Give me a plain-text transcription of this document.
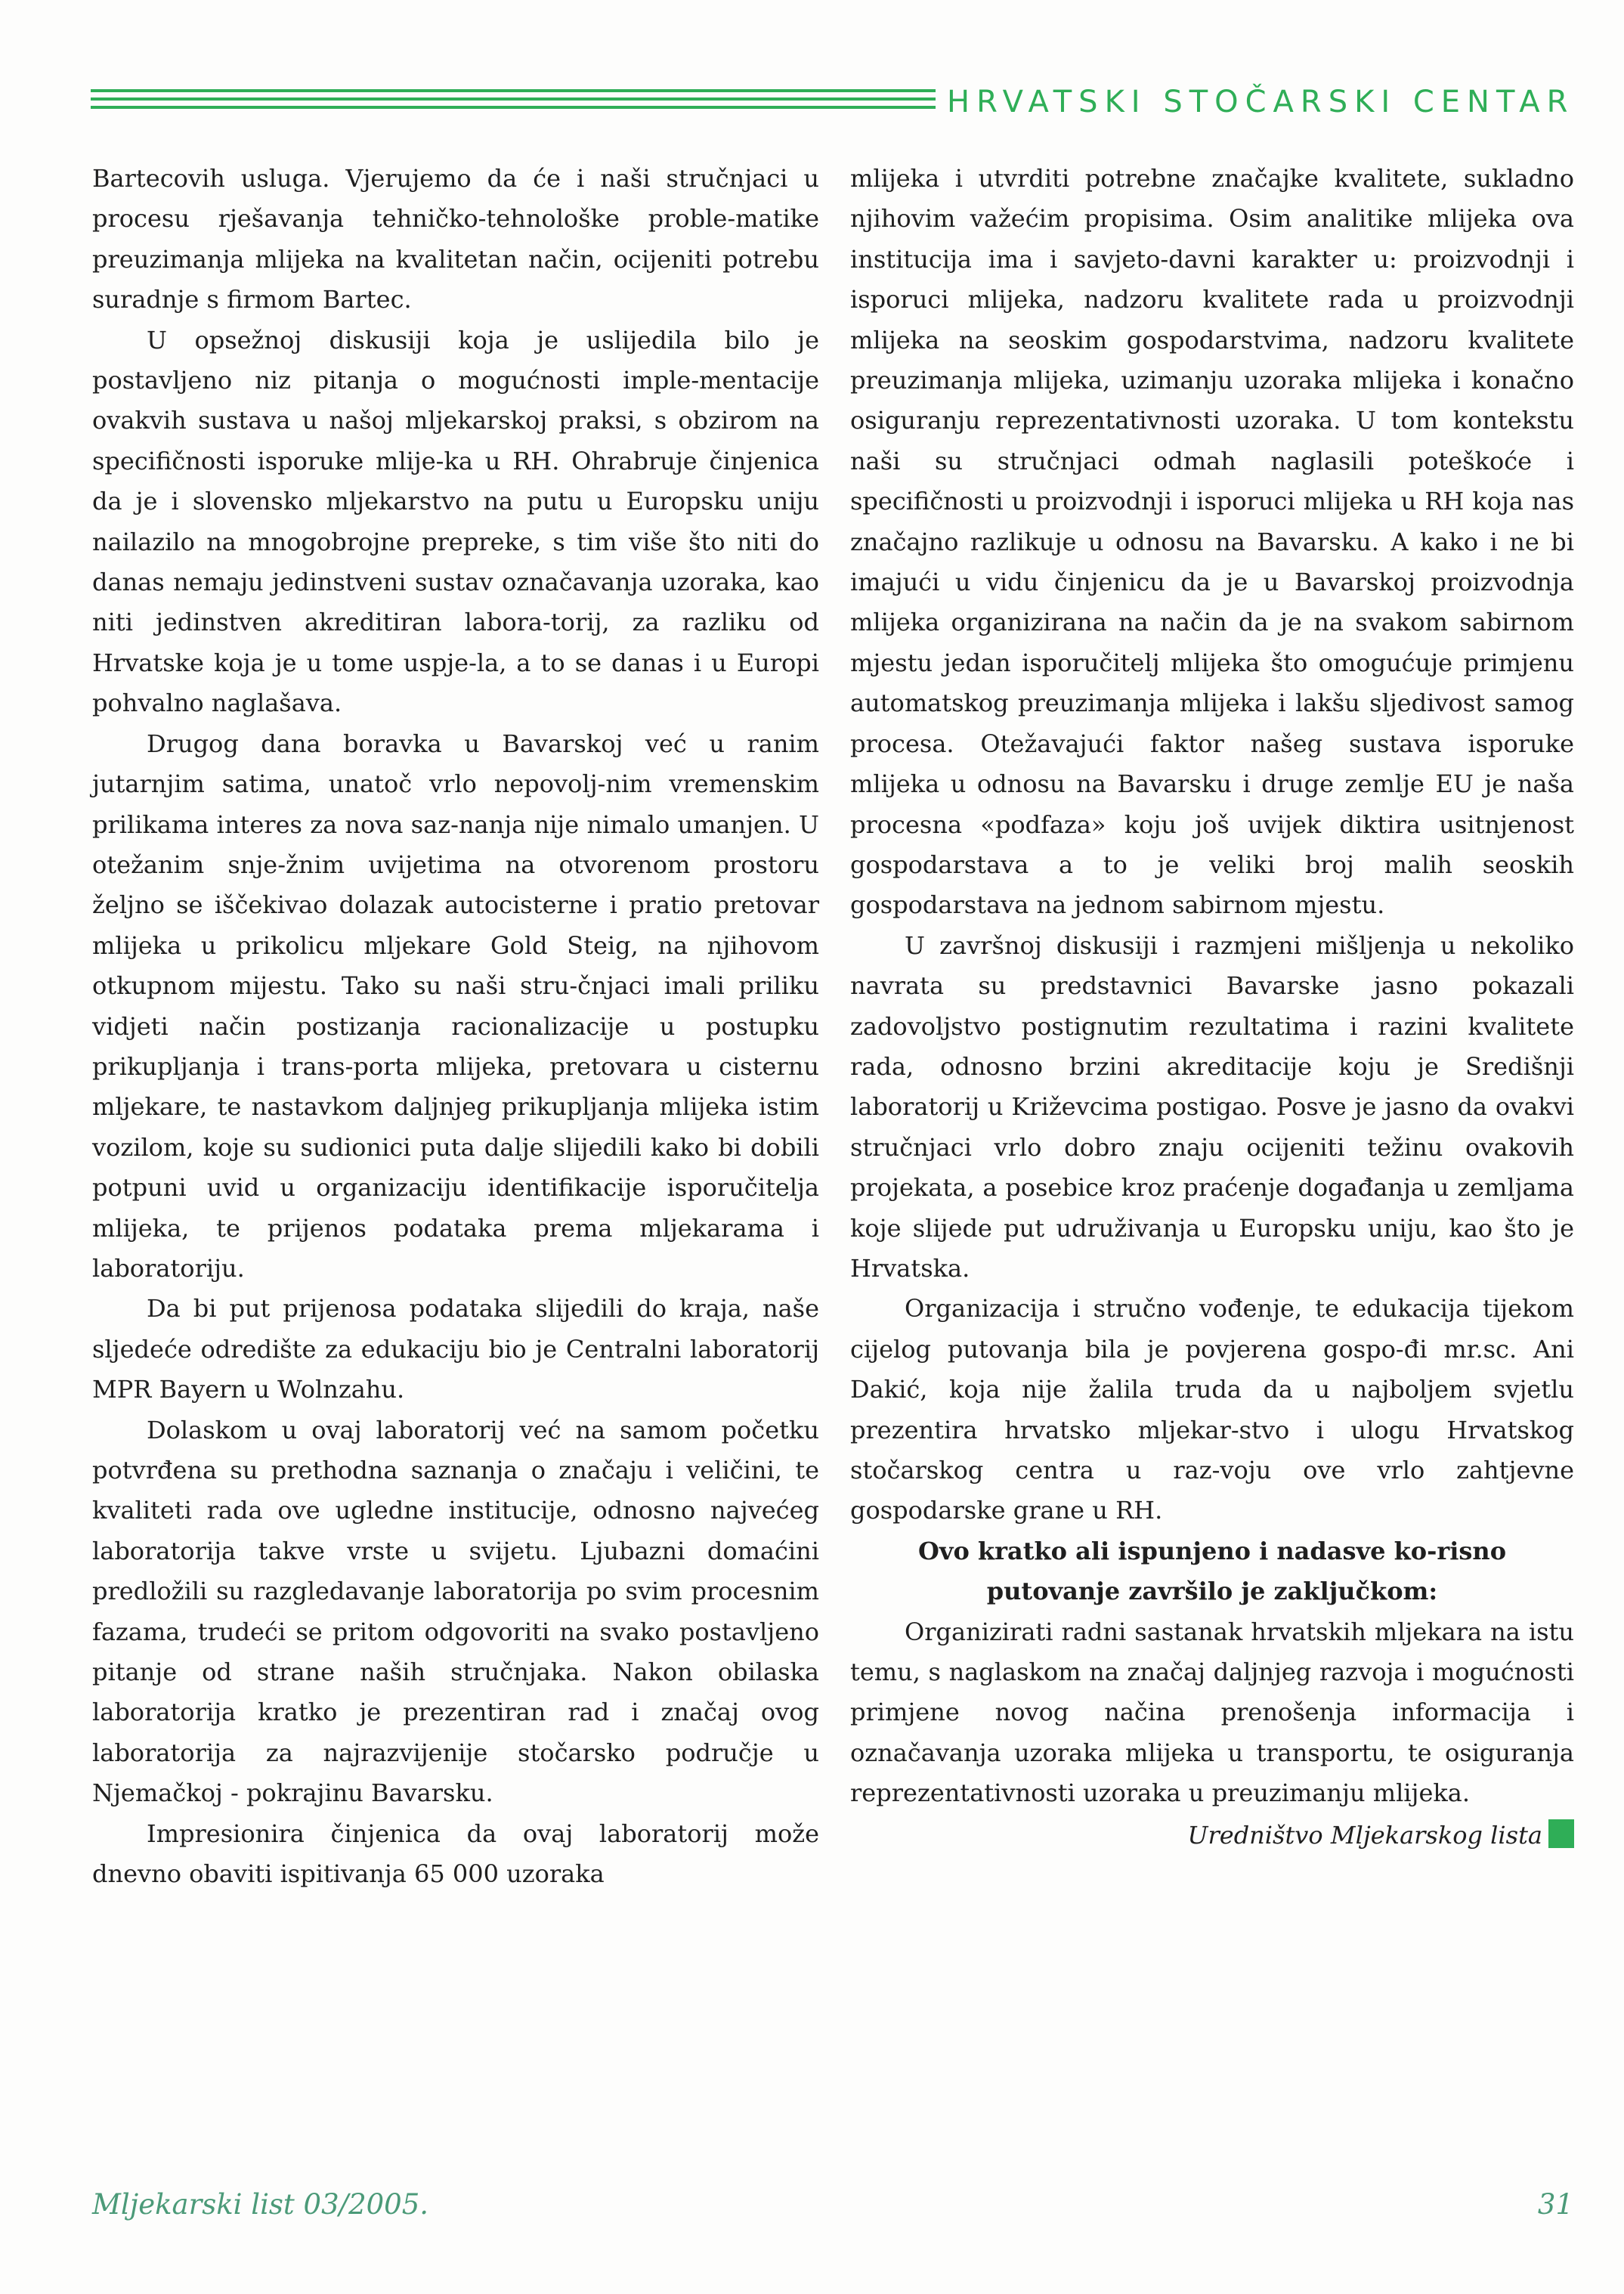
HRVATSKI STOČARSKI CENTAR

Bartecovih usluga. Vjerujemo da će i naši stručnjaci u procesu rješavanja tehničko-tehnološke proble-matike preuzimanja mlijeka na kvalitetan način, ocijeniti potrebu suradnje s firmom Bartec.

U opsežnoj diskusiji koja je uslijedila bilo je postavljeno niz pitanja o mogućnosti imple-mentacije ovakvih sustava u našoj mljekarskoj praksi, s obzirom na specifičnosti isporuke mlije-ka u RH. Ohrabruje činjenica da je i slovensko mljekarstvo na putu u Europsku uniju nailazilo na mnogobrojne prepreke, s tim više što niti do danas nemaju jedinstveni sustav označavanja uzoraka, kao niti jedinstven akreditiran labora-torij, za razliku od Hrvatske koja je u tome uspje-la, a to se danas i u Europi pohvalno naglašava.

Drugog dana boravka u Bavarskoj već u ranim jutarnjim satima, unatoč vrlo nepovolj-nim vremenskim prilikama interes za nova saz-nanja nije nimalo umanjen. U otežanim snje-žnim uvijetima na otvorenom prostoru željno se iščekivao dolazak autocisterne i pratio pretovar mlijeka u prikolicu mljekare Gold Steig, na njihovom otkupnom mijestu. Tako su naši stru-čnjaci imali priliku vidjeti način postizanja racionalizacije u postupku prikupljanja i trans-porta mlijeka, pretovara u cisternu mljekare, te nastavkom daljnjeg prikupljanja mlijeka istim vozilom, koje su sudionici puta dalje slijedili kako bi dobili potpuni uvid u organizaciju identifikacije isporučitelja mlijeka, te prijenos podataka prema mljekarama i laboratoriju.

Da bi put prijenosa podataka slijedili do kraja, naše sljedeće odredište za edukaciju bio je Centralni laboratorij MPR Bayern u Wolnzahu.

Dolaskom u ovaj laboratorij već na samom početku potvrđena su prethodna saznanja o značaju i veličini, te kvaliteti rada ove ugledne institucije, odnosno najvećeg laboratorija takve vrste u svijetu. Ljubazni domaćini predložili su razgledavanje laboratorija po svim procesnim fazama, trudeći se pritom odgovoriti na svako postavljeno pitanje od strane naših stručnjaka. Nakon obilaska laboratorija kratko je prezentiran rad i značaj ovog laboratorija za najrazvijenije stočarsko područje u Njemačkoj - pokrajinu Bavarsku.

Impresionira činjenica da ovaj laboratorij može dnevno obaviti ispitivanja 65 000 uzoraka

mlijeka i utvrditi potrebne značajke kvalitete, sukladno njihovim važećim propisima. Osim analitike mlijeka ova institucija ima i savjeto-davni karakter u: proizvodnji i isporuci mlijeka, nadzoru kvalitete rada u proizvodnji mlijeka na seoskim gospodarstvima, nadzoru kvalitete preuzimanja mlijeka, uzimanju uzoraka mlijeka i konačno osiguranju reprezentativnosti uzoraka. U tom kontekstu naši su stručnjaci odmah naglasili poteškoće i specifičnosti u proizvodnji i isporuci mlijeka u RH koja nas značajno razlikuje u odnosu na Bavarsku. A kako i ne bi imajući u vidu činjenicu da je u Bavarskoj proizvodnja mlijeka organizirana na način da je na svakom sabirnom mjestu jedan isporučitelj mlijeka što omogućuje primjenu automatskog preuzimanja mlijeka i lakšu sljedivost samog procesa. Otežavajući faktor našeg sustava isporuke mlijeka u odnosu na Bavarsku i druge zemlje EU je naša procesna «podfaza» koju još uvijek diktira usitnjenost gospodarstava a to je veliki broj malih seoskih gospodarstava na jednom sabirnom mjestu.

U završnoj diskusiji i razmjeni mišljenja u nekoliko navrata su predstavnici Bavarske jasno pokazali zadovoljstvo postignutim rezultatima i razini kvalitete rada, odnosno brzini akreditacije koju je Središnji laboratorij u Križevcima postigao. Posve je jasno da ovakvi stručnjaci vrlo dobro znaju ocijeniti težinu ovakovih projekata, a posebice kroz praćenje događanja u zemljama koje slijede put udruživanja u Europsku uniju, kao što je Hrvatska.

Organizacija i stručno vođenje, te edukacija tijekom cijelog putovanja bila je povjerena gospo-đi mr.sc. Ani Dakić, koja nije žalila truda da u najboljem svjetlu prezentira hrvatsko mljekar-stvo i ulogu Hrvatskog stočarskog centra u raz-voju ove vrlo zahtjevne gospodarske grane u RH.

Ovo kratko ali ispunjeno i nadasve ko-risno putovanje završilo je zaključkom:

Organizirati radni sastanak hrvatskih mljekara na istu temu, s naglaskom na značaj daljnjeg razvoja i mogućnosti primjene novog načina prenošenja informacija i označavanja uzoraka mlijeka u transportu, te osiguranja reprezentativnosti uzoraka u preuzimanju mlijeka.

Uredništvo Mljekarskog lista
Mljekarski list 03/2005.	31
